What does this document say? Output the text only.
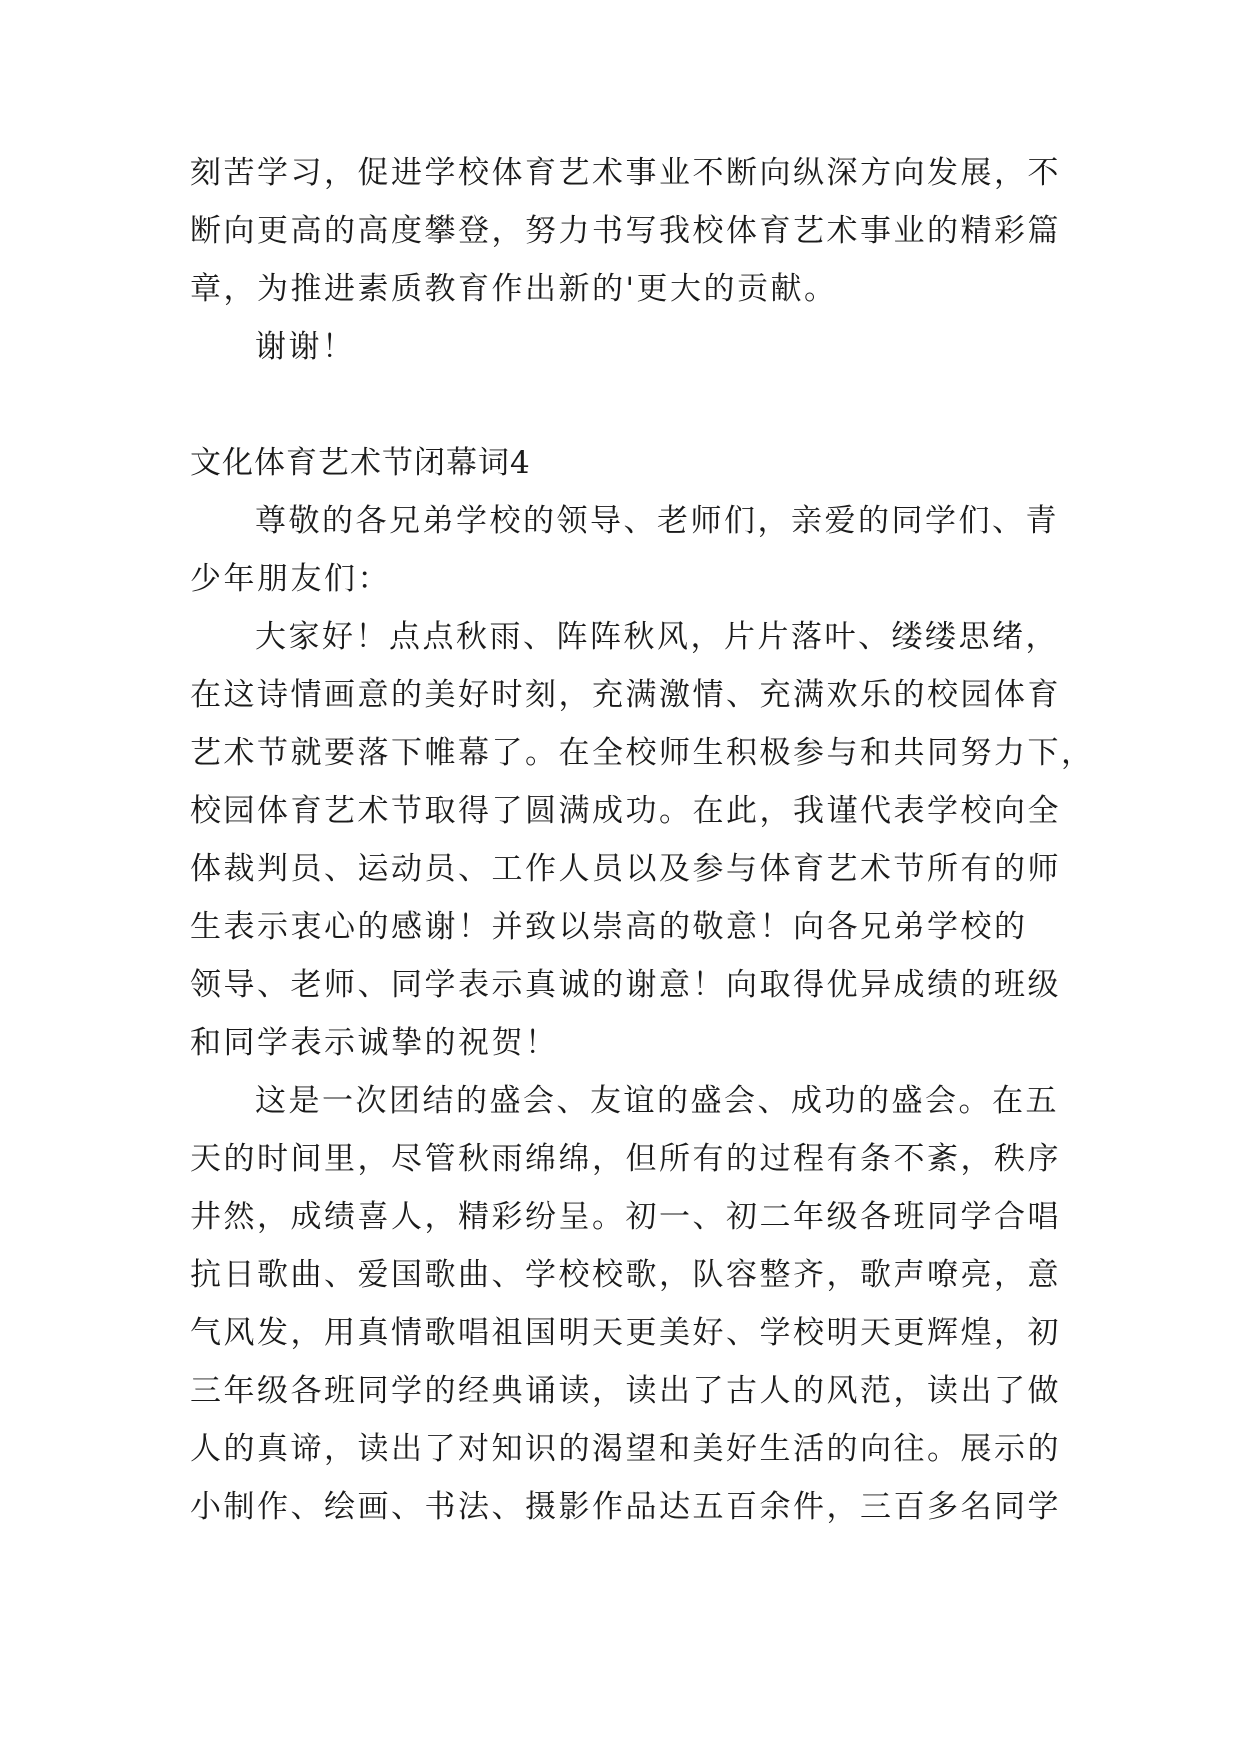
刻苦学习，促进学校体育艺术事业不断向纵深方向发展，不
断向更高的高度攀登，努力书写我校体育艺术事业的精彩篇
章，为推进素质教育作出新的'更大的贡献。
谢谢！
文化体育艺术节闭幕词4
尊敬的各兄弟学校的领导、老师们，亲爱的同学们、青
少年朋友们：
大家好！点点秋雨、阵阵秋风，片片落叶、缕缕思绪，
在这诗情画意的美好时刻，充满激情、充满欢乐的校园体育
艺术节就要落下帷幕了。在全校师生积极参与和共同努力下，
校园体育艺术节取得了圆满成功。在此，我谨代表学校向全
体裁判员、运动员、工作人员以及参与体育艺术节所有的师
生表示衷心的感谢！并致以崇高的敬意！向各兄弟学校的
领导、老师、同学表示真诚的谢意！向取得优异成绩的班级
和同学表示诚挚的祝贺！
这是一次团结的盛会、友谊的盛会、成功的盛会。在五
天的时间里，尽管秋雨绵绵，但所有的过程有条不紊，秩序
井然，成绩喜人，精彩纷呈。初一、初二年级各班同学合唱
抗日歌曲、爱国歌曲、学校校歌，队容整齐，歌声嘹亮，意
气风发，用真情歌唱祖国明天更美好、学校明天更辉煌，初
三年级各班同学的经典诵读，读出了古人的风范，读出了做
人的真谛，读出了对知识的渴望和美好生活的向往。展示的
小制作、绘画、书法、摄影作品达五百余件，三百多名同学
